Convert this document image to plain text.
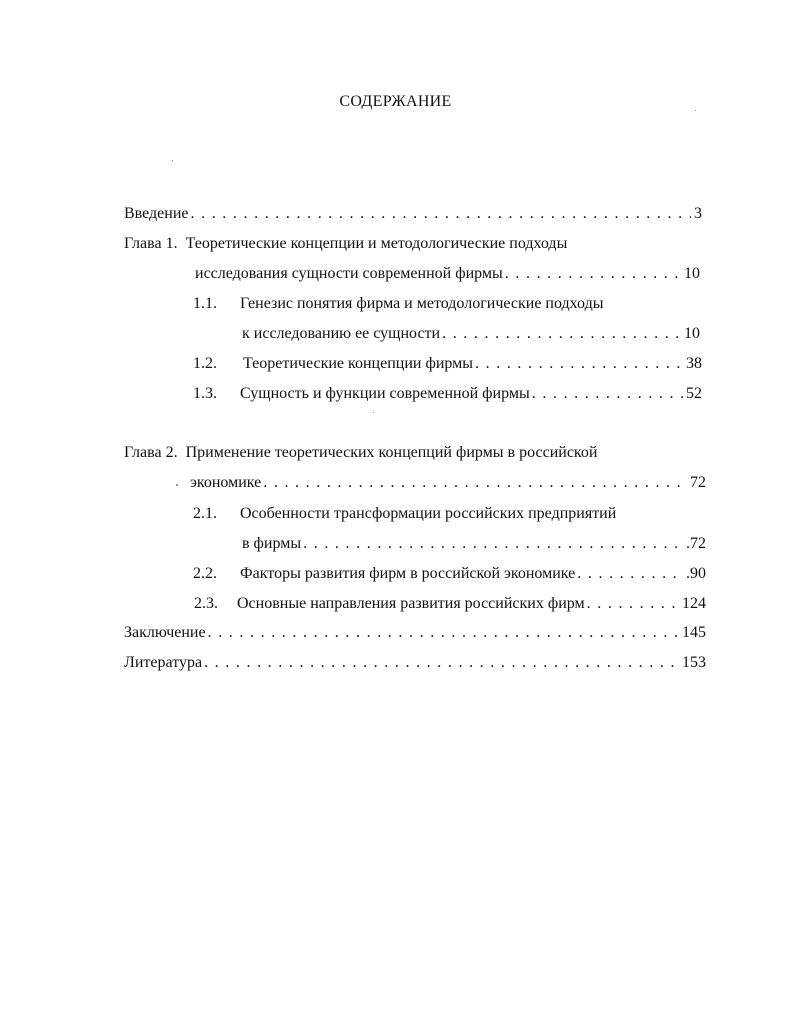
СОДЕРЖАНИЕ
Введение . . .	3
Глава 1. Теоретические концепции и методологические подходы
исследования сущности современной фирмы . . .	10
1.1. Генезис понятия фирма и методологические подходы
к исследованию ее сущности . . .	10
1.2. Теоретические концепции фирмы . . .	38
1.3. Сущность и функции современной фирмы . . .	52
Глава 2. Применение теоретических концепций фирмы в российской
экономике . . .	72
2.1. Особенности трансформации российских предприятий
в фирмы . . .	.72
2.2. Факторы развития фирм в российской экономике . . .	.90
2.3. Основные направления развития российских фирм . . .	124
Заключение . . .	145
Литература . . .	153
